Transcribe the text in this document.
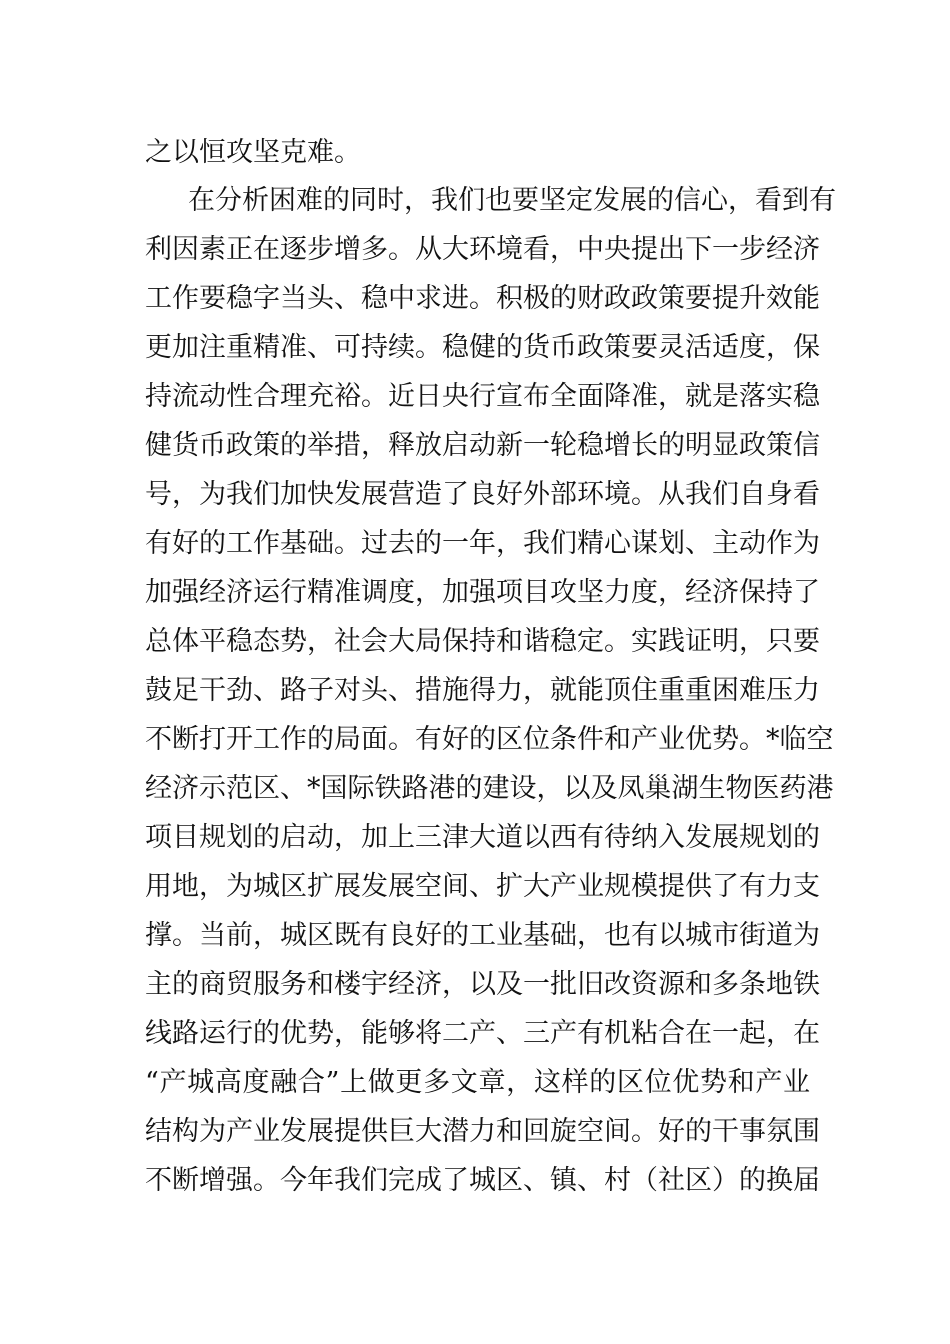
之以恒攻坚克难。
在分析困难的同时，我们也要坚定发展的信心，看到有
利因素正在逐步增多。从大环境看，中央提出下一步经济
工作要稳字当头、稳中求进。积极的财政政策要提升效能
更加注重精准、可持续。稳健的货币政策要灵活适度，保
持流动性合理充裕。近日央行宣布全面降准，就是落实稳
健货币政策的举措，释放启动新一轮稳增长的明显政策信
号，为我们加快发展营造了良好外部环境。从我们自身看
有好的工作基础。过去的一年，我们精心谋划、主动作为
加强经济运行精准调度，加强项目攻坚力度，经济保持了
总体平稳态势，社会大局保持和谐稳定。实践证明，只要
鼓足干劲、路子对头、措施得力，就能顶住重重困难压力
不断打开工作的局面。有好的区位条件和产业优势。*临空
经济示范区、*国际铁路港的建设，以及凤巢湖生物医药港
项目规划的启动，加上三津大道以西有待纳入发展规划的
用地，为城区扩展发展空间、扩大产业规模提供了有力支
撑。当前，城区既有良好的工业基础，也有以城市街道为
主的商贸服务和楼宇经济，以及一批旧改资源和多条地铁
线路运行的优势，能够将二产、三产有机粘合在一起，在
“产城高度融合”上做更多文章，这样的区位优势和产业
结构为产业发展提供巨大潜力和回旋空间。好的干事氛围
不断增强。今年我们完成了城区、镇、村（社区）的换届
